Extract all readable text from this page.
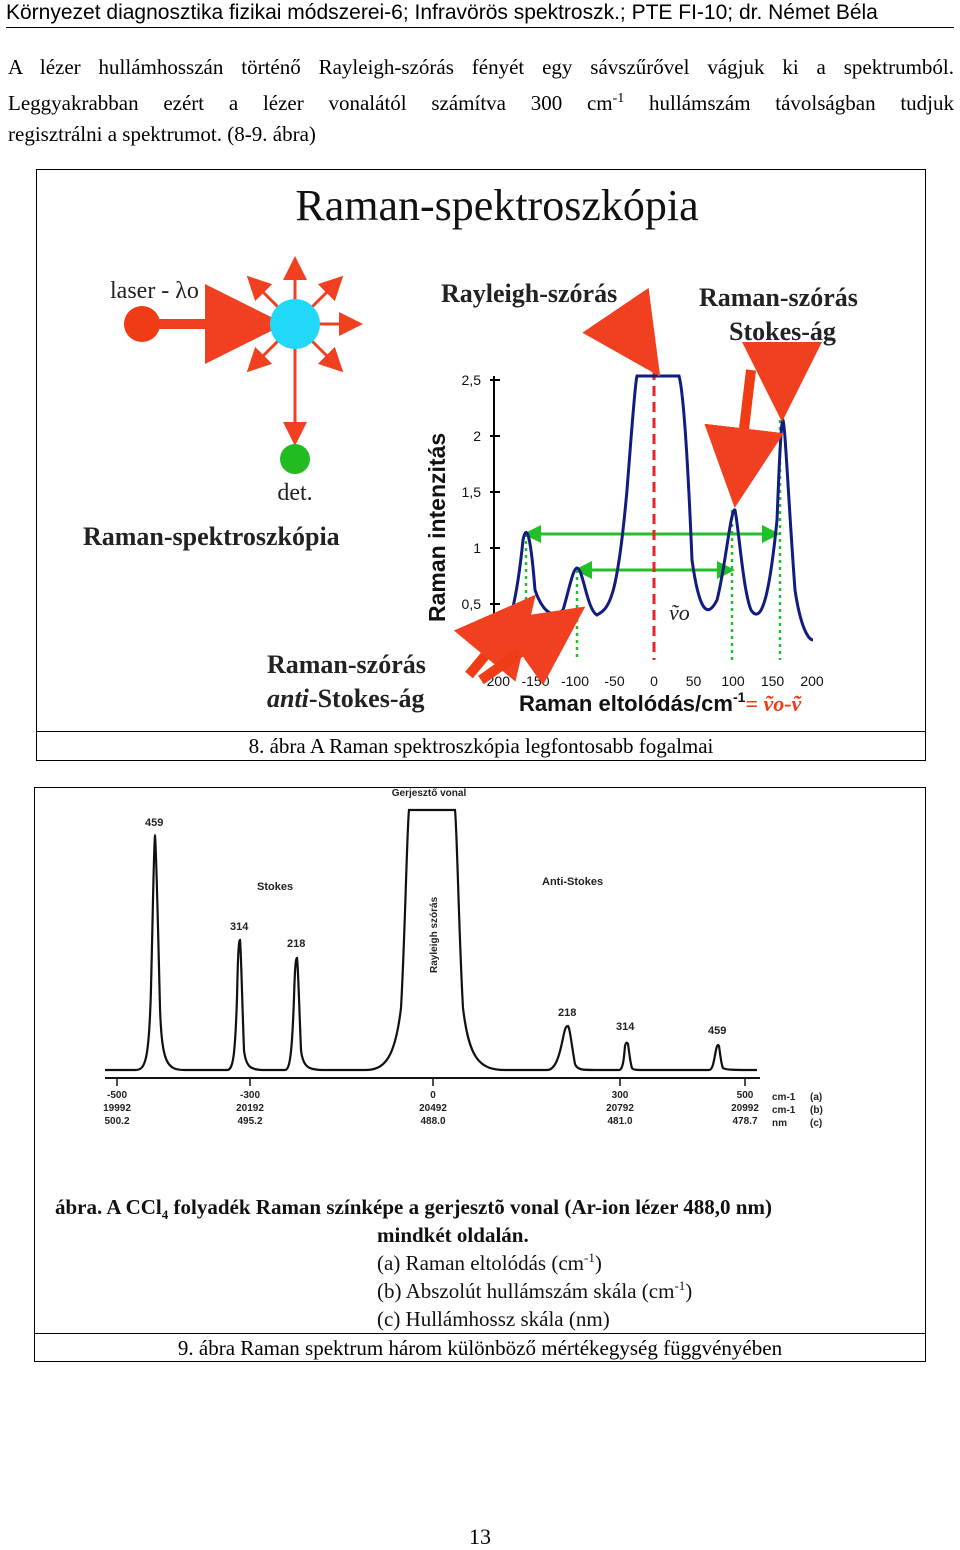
Környezet diagnosztika fizikai módszerei-6; Infravörös spektroszk.; PTE FI-10; dr. Német Béla
A lézer hullámhosszán történő Rayleigh-szórás fényét egy sávszűrővel vágjuk ki a spektrumból.
Leggyakrabban ezért a lézer vonalától számítva 300 $cm^{-1}$ hullámszám távolságban tudjuk
regisztrálni a spektrumot. (8-9. ábra)
Raman-spektroszkópia
laser - λo
det.
Raman-spektroszkópia
Rayleigh-szórás	Raman-szórás
Stokes-ág
Raman-szórás
anti-Stokes-ág
Raman intenzitás
2,5
2
1,5
1
0,5
-200 -150 -100 -50 0 50 100 150 200
ṽo
Raman eltolódás/$cm^{-1}=$ ṽo-ṽ
8. ábra A Raman spektroszkópia legfontosabb fogalmai
Gerjesztő vonal
Rayleigh szórás
Stokes	Anti-Stokes
459
314
218
218
314	459
-500
19992
500.2
-300
20192
495.2
0
20492
488.0
300
20792
481.0
500
20992
478.7
cm-1
cm-1
nm
(a)
(b)
(c)
ábra. A CCl$_4$ folyadék Raman színképe a gerjesztõ vonal (Ar-ion lézer 488,0 nm)
mindkét oldalán.
(a) Raman eltolódás $(cm^{-1})$
(b) Abszolút hullámszám skála $(cm^{-1})$
(c) Hullámhossz skála (nm)
9. ábra Raman spektrum három különböző mértékegység függvényében
13
